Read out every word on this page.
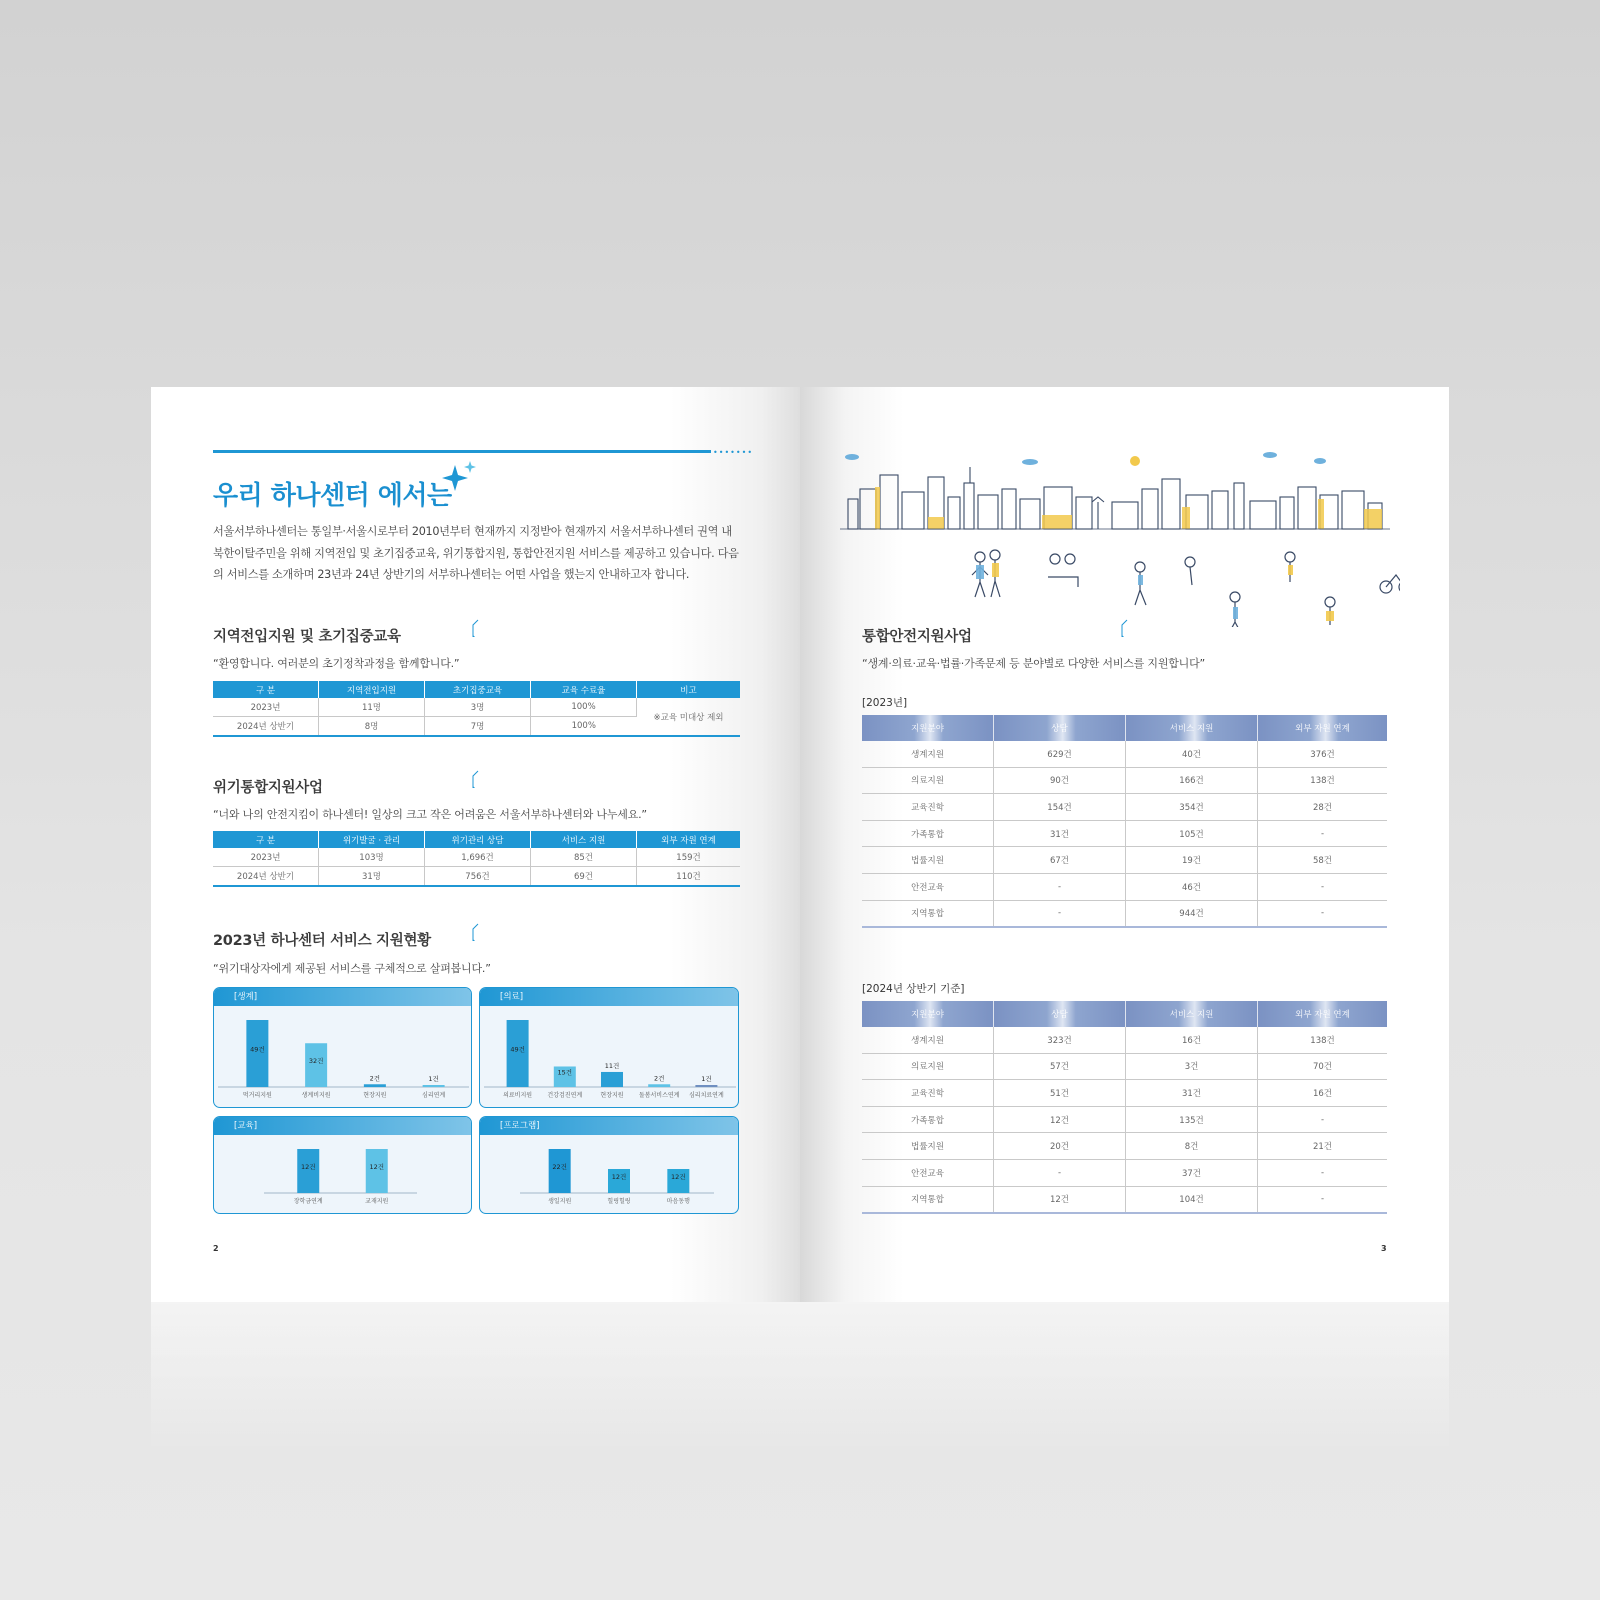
•••••••
우리 하나센터 에서는
서울서부하나센터는 통일부·서울시로부터 2010년부터 현재까지 지정받아 현재까지 서울서부하나센터 권역 내 북한이탈주민을 위해 지역전입 및 초기집중교육, 위기통합지원, 통합안전지원 서비스를 제공하고 있습니다. 다음의 서비스를 소개하며 23년과 24년 상반기의 서부하나센터는 어떤 사업을 했는지 안내하고자 합니다.
지역전입지원 및 초기집중교육
“환영합니다. 여러분의 초기정착과정을 함께합니다.”
구 분	지역전입지원	초기집중교육	교육 수료율	비고
2023년	11명	3명	100%	※교육 미대상 제외
2024년 상반기	8명	7명	100%	
위기통합지원사업
“너와 나의 안전지킴이 하나센터! 일상의 크고 작은 어려움은 서울서부하나센터와 나누세요.”
구 분	위기발굴 · 관리	위기관리 상담	서비스 지원	외부 자원 연계
2023년	103명	1,696건	85건	159건
2024년 상반기	31명	756건	69건	110건
2023년 하나센터 서비스 지원현황
“위기대상자에게 제공된 서비스를 구체적으로 살펴봅니다.”
[생계]
49건
먹거리지원
32건
생계비지원
2건
현장지원
1건
심리연계
[의료]
49건
의료비지원
15건
건강검진연계
11건
현장지원
2건
돌봄서비스연계
1건
심리치료연계
[교육]
12건
장학금연계
12건
교재지원
[프로그램]
22건
생일지원
12건
힐링힐링
12건
마음동행
2
통합안전지원사업
“생계·의료·교육·법률·가족문제 등 분야별로 다양한 서비스를 지원합니다”
[2023년]
지원분야	상담	서비스 지원	외부 자원 연계
생계지원	629건	40건	376건
의료지원	90건	166건	138건
교육진학	154건	354건	28건
가족통합	31건	105건	-
법률지원	67건	19건	58건
안전교육	-	46건	-
지역통합	-	944건	-
[2024년 상반기 기준]
지원분야	상담	서비스 지원	외부 자원 연계
생계지원	323건	16건	138건
의료지원	57건	3건	70건
교육진학	51건	31건	16건
가족통합	12건	135건	-
법률지원	20건	8건	21건
안전교육	-	37건	-
지역통합	12건	104건	-
3
